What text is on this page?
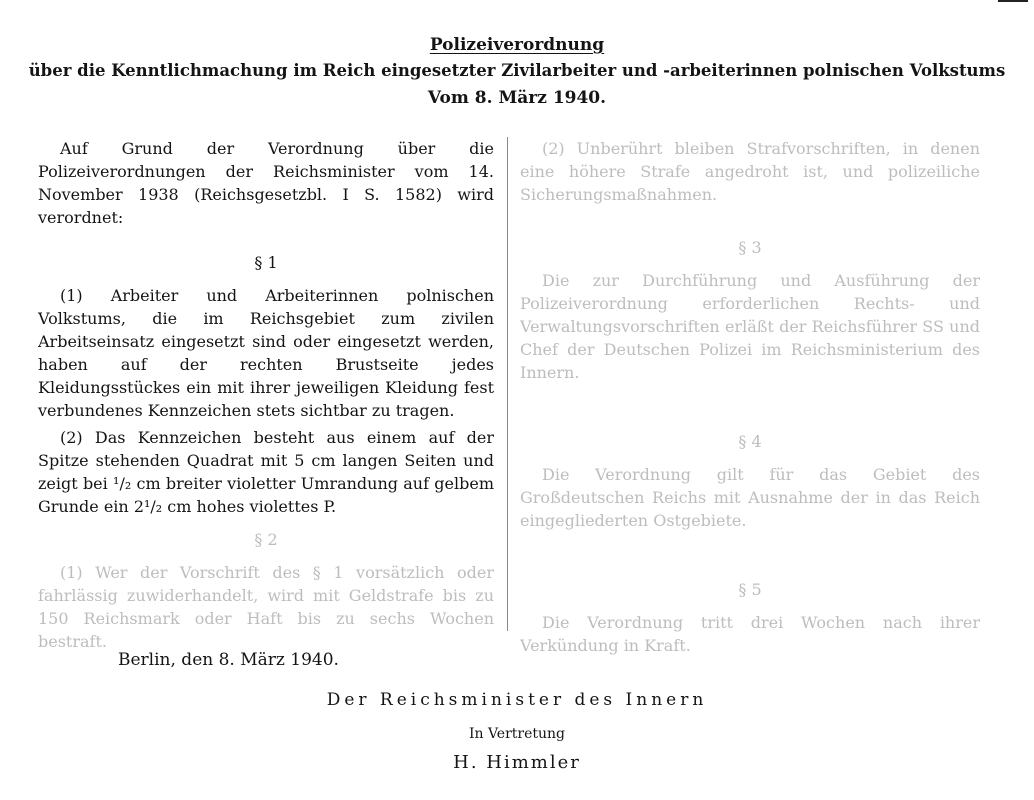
Polizeiverordnung
über die Kenntlichmachung im Reich eingesetzter Zivilarbeiter und -arbeiterinnen polnischen Volkstums
Vom 8. März 1940.

Auf Grund der Verordnung über die Polizeiverordnungen der Reichsminister vom 14. November 1938 (Reichsgesetzbl. I S. 1582) wird verordnet:

§ 1

(1) Arbeiter und Arbeiterinnen polnischen Volkstums, die im Reichsgebiet zum zivilen Arbeitseinsatz eingesetzt sind oder eingesetzt werden, haben auf der rechten Brustseite jedes Kleidungsstückes ein mit ihrer jeweiligen Kleidung fest verbundenes Kennzeichen stets sichtbar zu tragen.

(2) Das Kennzeichen besteht aus einem auf der Spitze stehenden Quadrat mit 5 cm langen Seiten und zeigt bei ¹/₂ cm breiter violetter Umrandung auf gelbem Grunde ein 2¹/₂ cm hohes violettes P.

§ 2

(1) Wer der Vorschrift des § 1 vorsätzlich oder fahrlässig zuwiderhandelt, wird mit Geldstrafe bis zu 150 Reichsmark oder Haft bis zu sechs Wochen bestraft.

(2) Unberührt bleiben Strafvorschriften, in denen eine höhere Strafe angedroht ist, und polizeiliche Sicherungsmaßnahmen.

§ 3

Die zur Durchführung und Ausführung der Polizeiverordnung erforderlichen Rechts- und Verwaltungsvorschriften erläßt der Reichsführer SS und Chef der Deutschen Polizei im Reichsministerium des Innern.

§ 4

Die Verordnung gilt für das Gebiet des Großdeutschen Reichs mit Ausnahme der in das Reich eingegliederten Ostgebiete.

§ 5

Die Verordnung tritt drei Wochen nach ihrer Verkündung in Kraft.

Berlin, den 8. März 1940.
Der Reichsminister des Innern
In Vertretung
H. Himmler
